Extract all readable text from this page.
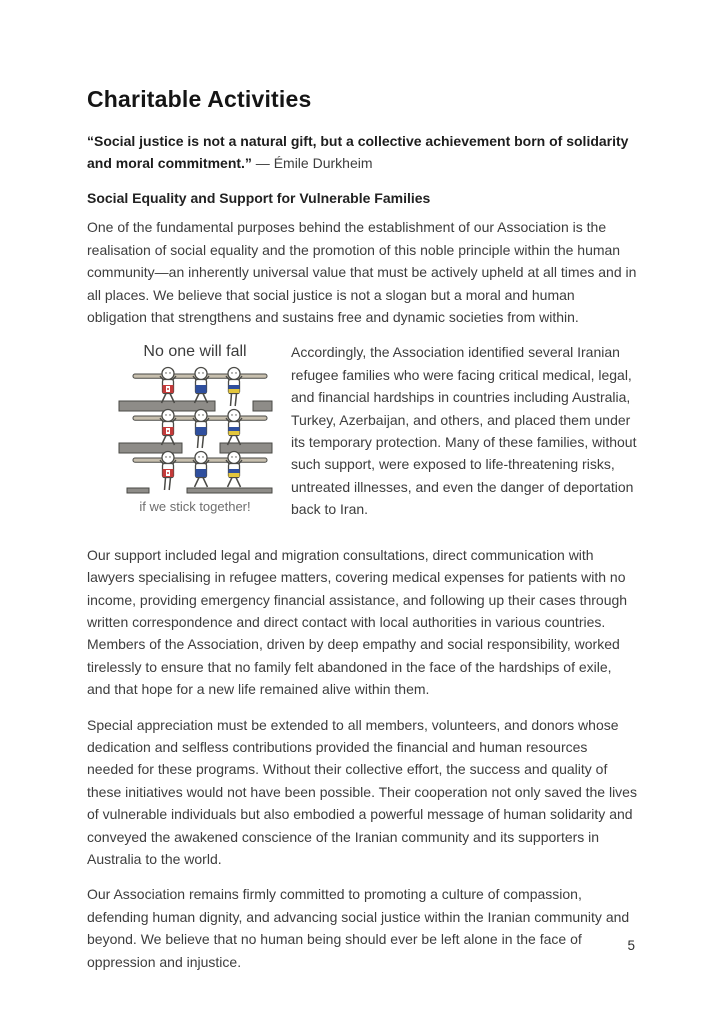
Charitable Activities

“Social justice is not a natural gift, but a collective achievement born of solidarity and moral commitment.” — Émile Durkheim

Social Equality and Support for Vulnerable Families

One of the fundamental purposes behind the establishment of our Association is the realisation of social equality and the promotion of this noble principle within the human community—an inherently universal value that must be actively upheld at all times and in all places. We believe that social justice is not a slogan but a moral and human obligation that strengthens and sustains free and dynamic societies from within.

No one will fall
if we stick together!

Accordingly, the Association identified several Iranian refugee families who were facing critical medical, legal, and financial hardships in countries including Australia, Turkey, Azerbaijan, and others, and placed them under its temporary protection. Many of these families, without such support, were exposed to life-threatening risks, untreated illnesses, and even the danger of deportation back to Iran.

Our support included legal and migration consultations, direct communication with lawyers specialising in refugee matters, covering medical expenses for patients with no income, providing emergency financial assistance, and following up their cases through written correspondence and direct contact with local authorities in various countries. Members of the Association, driven by deep empathy and social responsibility, worked tirelessly to ensure that no family felt abandoned in the face of the hardships of exile, and that hope for a new life remained alive within them.

Special appreciation must be extended to all members, volunteers, and donors whose dedication and selfless contributions provided the financial and human resources needed for these programs. Without their collective effort, the success and quality of these initiatives would not have been possible. Their cooperation not only saved the lives of vulnerable individuals but also embodied a powerful message of human solidarity and conveyed the awakened conscience of the Iranian community and its supporters in Australia to the world.

Our Association remains firmly committed to promoting a culture of compassion, defending human dignity, and advancing social justice within the Iranian community and beyond. We believe that no human being should ever be left alone in the face of oppression and injustice.

5
